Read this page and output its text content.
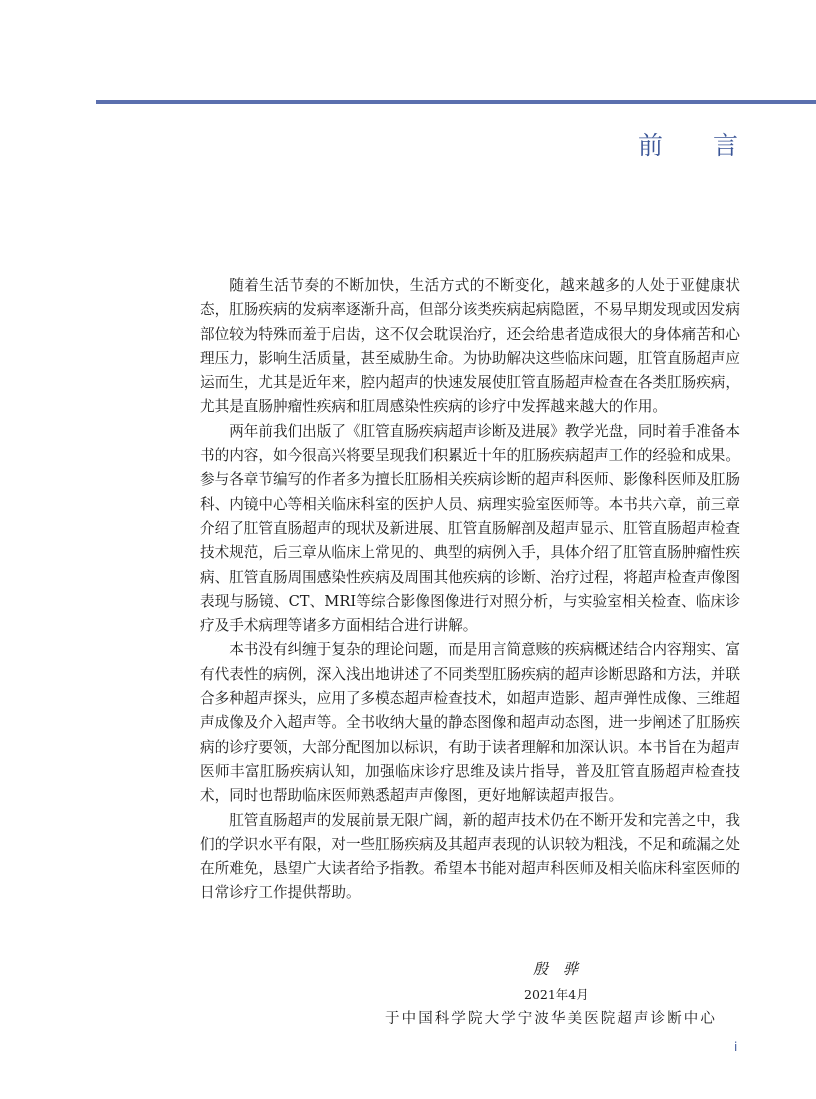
前　　言

随着生活节奏的不断加快，生活方式的不断变化，越来越多的人处于亚健康状态，肛肠疾病的发病率逐渐升高，但部分该类疾病起病隐匿，不易早期发现或因发病部位较为特殊而羞于启齿，这不仅会耽误治疗，还会给患者造成很大的身体痛苦和心理压力，影响生活质量，甚至威胁生命。为协助解决这些临床问题，肛管直肠超声应运而生，尤其是近年来，腔内超声的快速发展使肛管直肠超声检查在各类肛肠疾病，尤其是直肠肿瘤性疾病和肛周感染性疾病的诊疗中发挥越来越大的作用。

两年前我们出版了《肛管直肠疾病超声诊断及进展》教学光盘，同时着手准备本书的内容，如今很高兴将要呈现我们积累近十年的肛肠疾病超声工作的经验和成果。参与各章节编写的作者多为擅长肛肠相关疾病诊断的超声科医师、影像科医师及肛肠科、内镜中心等相关临床科室的医护人员、病理实验室医师等。本书共六章，前三章介绍了肛管直肠超声的现状及新进展、肛管直肠解剖及超声显示、肛管直肠超声检查技术规范，后三章从临床上常见的、典型的病例入手，具体介绍了肛管直肠肿瘤性疾病、肛管直肠周围感染性疾病及周围其他疾病的诊断、治疗过程，将超声检查声像图表现与肠镜、CT、MRI等综合影像图像进行对照分析，与实验室相关检查、临床诊疗及手术病理等诸多方面相结合进行讲解。

本书没有纠缠于复杂的理论问题，而是用言简意赅的疾病概述结合内容翔实、富有代表性的病例，深入浅出地讲述了不同类型肛肠疾病的超声诊断思路和方法，并联合多种超声探头，应用了多模态超声检查技术，如超声造影、超声弹性成像、三维超声成像及介入超声等。全书收纳大量的静态图像和超声动态图，进一步阐述了肛肠疾病的诊疗要领，大部分配图加以标识，有助于读者理解和加深认识。本书旨在为超声医师丰富肛肠疾病认知，加强临床诊疗思维及读片指导，普及肛管直肠超声检查技术，同时也帮助临床医师熟悉超声声像图，更好地解读超声报告。

肛管直肠超声的发展前景无限广阔，新的超声技术仍在不断开发和完善之中，我们的学识水平有限，对一些肛肠疾病及其超声表现的认识较为粗浅，不足和疏漏之处在所难免，恳望广大读者给予指教。希望本书能对超声科医师及相关临床科室医师的日常诊疗工作提供帮助。

殷　骅
2021年4月
于中国科学院大学宁波华美医院超声诊断中心
i
